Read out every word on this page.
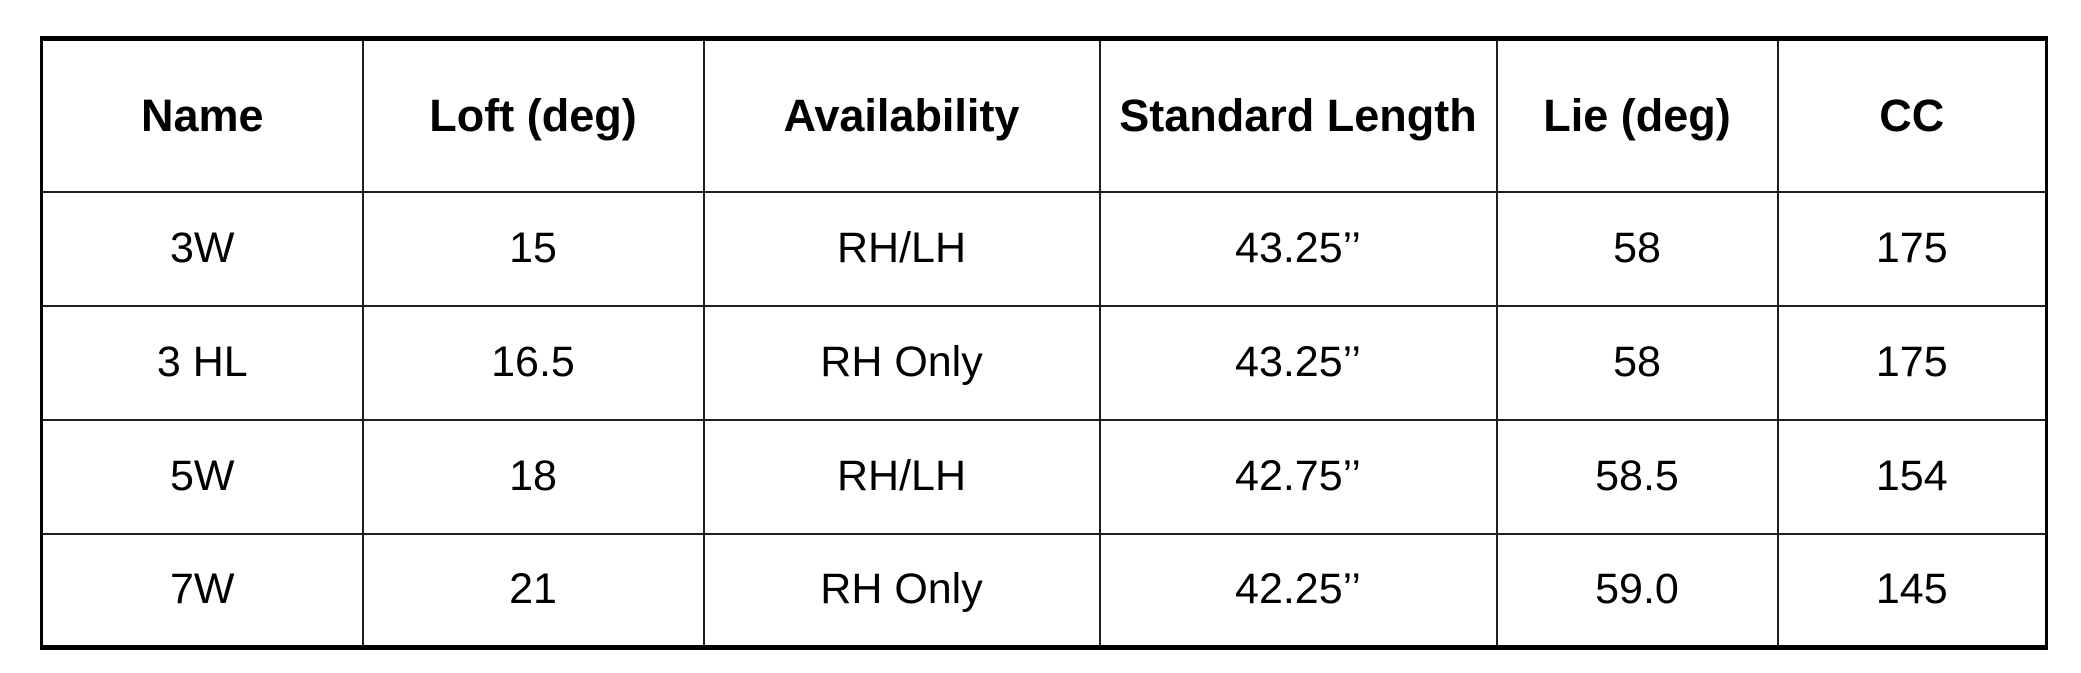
Name	Loft (deg)	Availability	Standard Length	Lie (deg)	CC
3W	15	RH/LH	43.25’’	58	175
3 HL	16.5	RH Only	43.25’’	58	175
5W	18	RH/LH	42.75’’	58.5	154
7W	21	RH Only	42.25’’	59.0	145
